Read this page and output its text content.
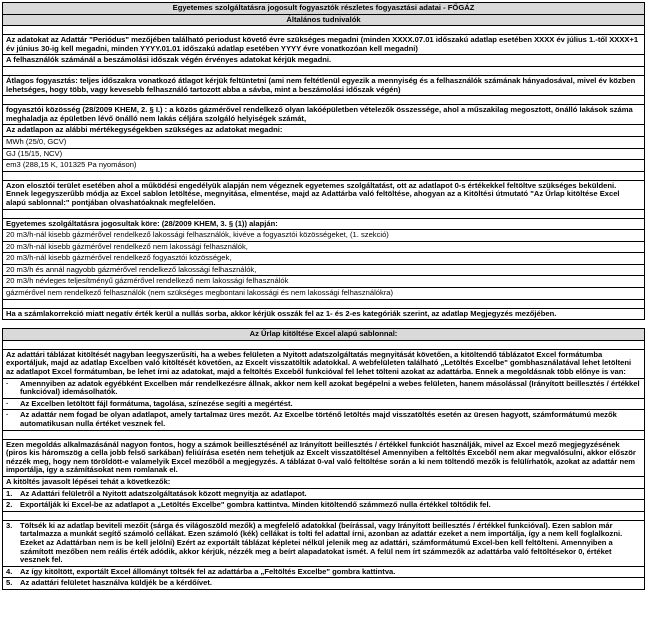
Egyetemes szolgáltatásra jogosult fogyasztók részletes fogyasztási adatai - FŐGÁZ
Általános tudnivalók
Az adatokat az Adattár "Periódus" mezőjében található periodust követő évre szükséges megadni (minden XXXX.07.01 időszakú adatlap esetében XXXX év július 1.-től XXXX+1 év június 30-ig kell megadni, minden YYYY.01.01 időszakú adatlap esetében YYYY évre vonatkozóan kell megadni)
A felhasználók számánál a beszámolási időszak végén érvényes adatokat kérjük megadni.
Átlagos fogyasztás: teljes időszakra vonatkozó átlagot kérjük feltüntetni (ami nem feltétlenül egyezik a mennyiség és a felhasználók számának hányadosával, mivel év közben lehetséges, hogy több, vagy kevesebb felhasználó tartozott abba a sávba, mint a beszámolási időszak végén)
fogyasztói közösség (28/2009 KHEM, 2. § I.) : a közös gázmérővel rendelkező olyan lakóépületben vételezők összessége, ahol a műszakilag megosztott, önálló lakások száma meghaladja az épületben lévő önálló nem lakás céljára szolgáló helyiségek számát,
Az adatlapon az alábbi mértékegységekben szükséges az adatokat megadni:
MWh (25/0, GCV)
GJ (15/15, NCV)
em3 (288,15 K, 101325 Pa nyomáson)
Azon elosztói terület esetében ahol a működési engedélyük alapján nem végeznek egyetemes szolgáltatást, ott az adatlapot 0-s értékekkel feltöltve szükséges beküldeni. Ennek legegyszerűbb módja az Excel sablon letöltése, megnyitása, elmentése, majd az Adattárba való feltöltése, ahogyan az a Kitöltési útmutató "Az Űrlap kitöltése Excel alapú sablonnal:" pontjában olvashatóaknak megfelelően.
Egyetemes szolgáltatásra jogosultak köre: (28/2009 KHEM, 3. § (1)) alapján:
20 m3/h-nál kisebb gázmérővel rendelkező lakossági felhasználók, kivéve a fogyasztói közösségeket, (1. szekció)
20 m3/h-nál kisebb gázmérővel rendelkező nem lakossági felhasználók,
20 m3/h-nál kisebb gázmérővel rendelkező fogyasztói közösségek,
20 m3/h és annál nagyobb gázmérővel rendelkező lakossági felhasználók,
20 m3/h névleges teljesítményű gázmérővel rendelkező nem lakossági felhasználók
gázmérővel nem rendelkező felhasználók (nem szükséges megbontani lakossági és nem lakossági felhasználókra)
Ha a számlakorrekció miatt negatív érték kerül a nullás sorba, akkor kérjük osszák fel az 1- és 2-es kategóriák szerint, az adatlap Megjegyzés mezőjében.
Az Űrlap kitöltése Excel alapú sablonnal:
Az adattári táblázat kitöltését nagyban leegyszerűsíti, ha a webes felületen a Nyitott adatszolgáltatás megnyitását követően, a kitöltendő táblázatot Excel formátumba exportáljuk, majd az adatlap Excelben való kitöltését követően, az Excelt visszatöltik adatokkal. A webfelületen található „Letöltés Excelbe" gombhasználatával lehet letölteni az adatlapot Excel formátumban, be lehet írni az adatokat, majd a feltöltés Exceből funkcióval fel lehet tölteni azokat az adattárba. Ennek a megoldásnak több előnye is van:
·	Amennyiben az adatok egyébként Excelben már rendelkezésre állnak, akkor nem kell azokat begépelni a webes felületen, hanem másolással (Irányított beillesztés / értékkel funkcióval) idemásolhatók.
·	Az Excelben letöltött fájl formátuma, tagolása, színezése segíti a megértést.
·	Az adattár nem fogad be olyan adatlapot, amely tartalmaz üres mezőt. Az Excelbe történő letöltés majd visszatöltés esetén az üresen hagyott, számformátumú mezők automatikusan nulla értéket vesznek fel.
Ezen megoldás alkalmazásánál nagyon fontos, hogy a számok beillesztésénél az Irányított beillesztés / értékkel funkciót használják, mivel az Excel mező megjegyzésének (piros kis háromszög a cella jobb felső sarkában) feliúírása esetén nem tehetjük az Excelt visszatöltésel Amennyiben a feltöltés Exceből nem akar megvalósulni, akkor először nézzék meg, hogy nem töröldött-e valamelyik Excel mezőből a megjegyzés. A táblázat 0-val való feltöltése során a ki nem töltendő mezők is felülírhatók, azokat az adattár nem importálja, így a számításokat nem romlanak el.
A kitöltés javasolt lépései tehát a következők:
1.	Az Adattári felületről a Nyitott adatszolgáltatások közott megnyitja az adatlapot.
2.	Exportálják ki Excel-be az adatlapot a „Letöltés Excelbe" gombra kattintva. Minden kitöltendő számmező nulla értékkel töltődik fel.
3.	Töltsék ki az adatlap beviteli mezőit (sárga és világoszöld mezők) a megfelelő adatokkal (beírással, vagy Irányított beillesztés / értékkel funkcióval). Ezen sablon már tartalmazza a munkát segítő számoló cellákat. Ezen számoló (kék) cellákat is tolti fel adattal írni, azonban az adattár ezeket a nem importálja, így a nem kell foglalkozni. Ezeket az Adattárban nem is be kell jelölni) Ezért az exportált táblázat képletei nélkül jelenik meg az adattári, számformátumú Excel-ben kell feltölteni. Amennyiben a számított mezőben nem reális érték adódik, akkor kérjük, nézzék meg a beírt alapadatokat ismét. A felül nem írt számmezők az adattárba való feltöltésekor 0, értéket vesznek fel.
4.	Az így kitöltött, exportált Excel állományt töltsék fel az adattárba a „Feltöltés Excelbe" gombra kattintva.
5.	Az adattári felületet használva küldjék be a kérdőívet.
